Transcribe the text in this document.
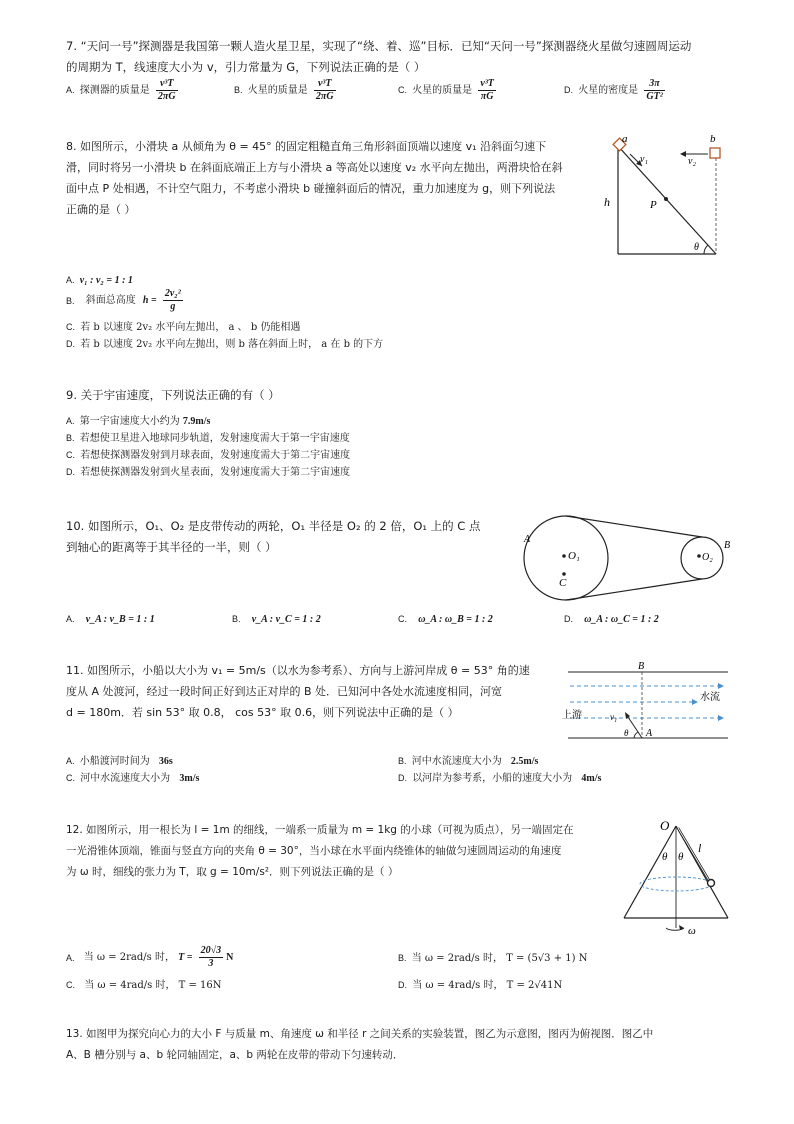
7. “天问一号”探测器是我国第一颗人造火星卫星，实现了“绕、着、巡”目标．已知“天问一号”探测器绕火星做匀速圆周运动
的周期为 T，线速度大小为 v，引力常量为 G，下列说法正确的是（ ）
A. 探测器的质量是 $\frac{\text{v³T}}{2\pi G}$	B. 火星的质量是 $\frac{\text{v³T}}{2\pi G}$	C. 火星的质量是 $\frac{\text{v³T}}{\pi G}$	D. 火星的密度是 $\frac{3\pi}{\text{GT²}}$
8. 如图所示，小滑块 a 从倾角为 θ = 45° 的固定粗糙直角三角形斜面顶端以速度 v₁ 沿斜面匀速下
滑，同时将另一小滑块 b 在斜面底端正上方与小滑块 a 等高处以速度 v₂ 水平向左抛出，两滑块恰在斜
面中点 P 处相遇，不计空气阻力，不考虑小滑块 b 碰撞斜面后的情况，重力加速度为 g，则下列说法
正确的是（ ）
a	b
v₁	v₂
P
h
θ
A. v₁ : v₂ = 1 : 1
B. 斜面总高度 $h = \frac{\text{2v₂²}}{g}$
C. 若 b 以速度 2v₂ 水平向左抛出， a 、 b 仍能相遇
D. 若 b 以速度 2v₂ 水平向左抛出，则 b 落在斜面上时， a 在 b 的下方
9. 关于宇宙速度，下列说法正确的有（ ）
A. 第一宇宙速度大小约为 7.9m/s
B. 若想使卫星进入地球同步轨道，发射速度需大于第一宇宙速度
C. 若想使探测器发射到月球表面，发射速度需大于第二宇宙速度
D. 若想使探测器发射到火星表面，发射速度需大于第二宇宙速度
10. 如图所示，O₁、O₂ 是皮带传动的两轮，O₁ 半径是 O₂ 的 2 倍，O₁ 上的 C 点
到轴心的距离等于其半径的一半，则（ ）
A
O₁
C
O₂
B
A. v_A : v_B = 1 : 1	B. v_A : v_C = 1 : 2	C. ω_A : ω_B = 1 : 2	D. ω_A : ω_C = 1 : 2
11. 如图所示，小船以大小为 v₁ = 5m/s（以水为参考系）、方向与上游河岸成 θ = 53° 角的速
度从 A 处渡河，经过一段时间正好到达正对岸的 B 处．已知河中各处水流速度相同，河宽
d = 180m．若 sin 53° 取 0.8， cos 53° 取 0.6，则下列说法中正确的是（ ）
B
水流
上游	v₁
θ A
A. 小船渡河时间为 36s	B. 河中水流速度大小为 2.5m/s
C. 河中水流速度大小为 3m/s	D. 以河岸为参考系，小船的速度大小为 4m/s
12. 如图所示，用一根长为 l = 1m 的细线，一端系一质量为 m = 1kg 的小球（可视为质点），另一端固定在
一光滑锥体顶端，锥面与竖直方向的夹角 θ = 30°，当小球在水平面内绕锥体的轴做匀速圆周运动的角速度
为 ω 时，细线的张力为 T，取 g = 10m/s²．则下列说法正确的是（ ）
O
θ θ
l
ω
A. 当 ω = 2rad/s 时， $T = \frac{20√3}{3}$ N	B. 当 ω = 2rad/s 时， T = (5√3 + 1) N
C. 当 ω = 4rad/s 时， T = 16N	D. 当 ω = 4rad/s 时， T = 2√41N
13. 如图甲为探究向心力的大小 F 与质量 m、角速度 ω 和半径 r 之间关系的实验装置，图乙为示意图，图丙为俯视图．图乙中
A、B 槽分别与 a、b 轮同轴固定，a、b 两轮在皮带的带动下匀速转动．
